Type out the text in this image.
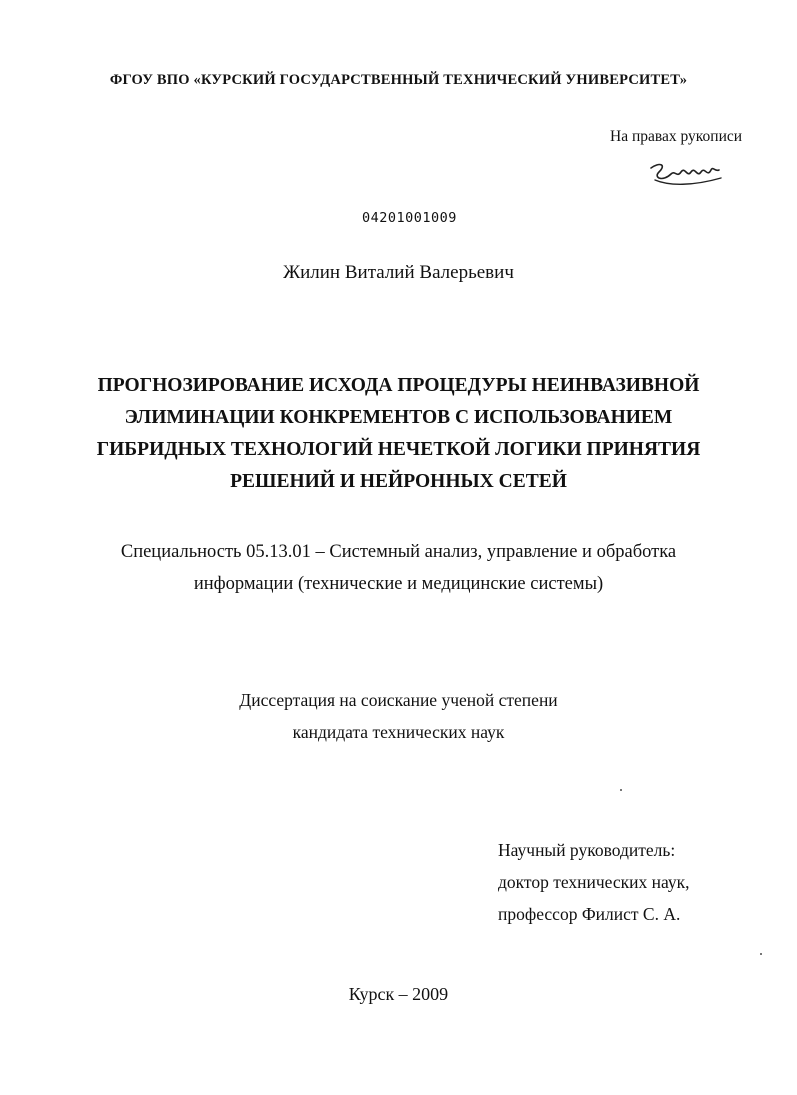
ФГОУ ВПО «КУРСКИЙ ГОСУДАРСТВЕННЫЙ ТЕХНИЧЕСКИЙ УНИВЕРСИТЕТ»
На правах рукописи
04201001009
Жилин Виталий Валерьевич
ПРОГНОЗИРОВАНИЕ ИСХОДА ПРОЦЕДУРЫ НЕИНВАЗИВНОЙ
ЭЛИМИНАЦИИ КОНКРЕМЕНТОВ С ИСПОЛЬЗОВАНИЕМ
ГИБРИДНЫХ ТЕХНОЛОГИЙ НЕЧЕТКОЙ ЛОГИКИ ПРИНЯТИЯ
РЕШЕНИЙ И НЕЙРОННЫХ СЕТЕЙ
Специальность 05.13.01 – Системный анализ, управление и обработка
информации (технические и медицинские системы)
Диссертация на соискание ученой степени
кандидата технических наук
Научный руководитель:
доктор технических наук,
профессор Филист С. А.
Курск – 2009
